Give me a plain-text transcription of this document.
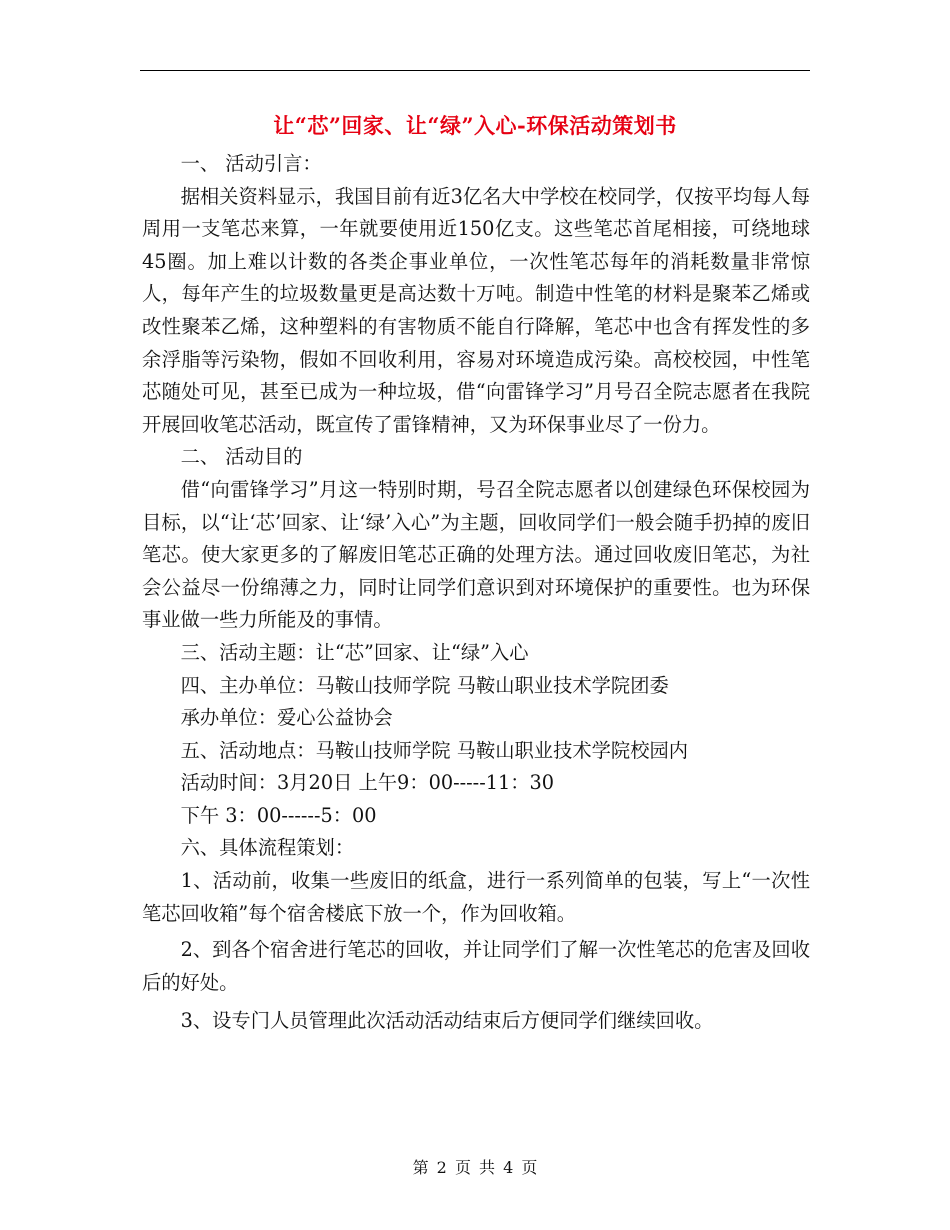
让“芯”回家、让“绿”入心-环保活动策划书

一、 活动引言：

据相关资料显示，我国目前有近3亿名大中学校在校同学，仅按平均每人每周用一支笔芯来算，一年就要使用近150亿支。这些笔芯首尾相接，可绕地球45圈。加上难以计数的各类企事业单位，一次性笔芯每年的消耗数量非常惊人，每年产生的垃圾数量更是高达数十万吨。制造中性笔的材料是聚苯乙烯或改性聚苯乙烯，这种塑料的有害物质不能自行降解，笔芯中也含有挥发性的多余浮脂等污染物，假如不回收利用，容易对环境造成污染。高校校园，中性笔芯随处可见，甚至已成为一种垃圾，借“向雷锋学习”月号召全院志愿者在我院开展回收笔芯活动，既宣传了雷锋精神，又为环保事业尽了一份力。

二、 活动目的

借“向雷锋学习”月这一特别时期，号召全院志愿者以创建绿色环保校园为目标，以“让‘芯’回家、让‘绿’入心”为主题，回收同学们一般会随手扔掉的废旧笔芯。使大家更多的了解废旧笔芯正确的处理方法。通过回收废旧笔芯，为社会公益尽一份绵薄之力，同时让同学们意识到对环境保护的重要性。也为环保事业做一些力所能及的事情。

三、活动主题：让“芯”回家、让“绿”入心

四、主办单位：马鞍山技师学院 马鞍山职业技术学院团委

承办单位：爱心公益协会

五、活动地点：马鞍山技师学院 马鞍山职业技术学院校园内

活动时间：3月20日 上午9：00-----11：30

下午 3：00------5：00

六、具体流程策划：

1、活动前，收集一些废旧的纸盒，进行一系列简单的包装，写上“一次性笔芯回收箱”每个宿舍楼底下放一个，作为回收箱。

2、到各个宿舍进行笔芯的回收，并让同学们了解一次性笔芯的危害及回收后的好处。

3、设专门人员管理此次活动活动结束后方便同学们继续回收。

第 2 页 共 4 页
